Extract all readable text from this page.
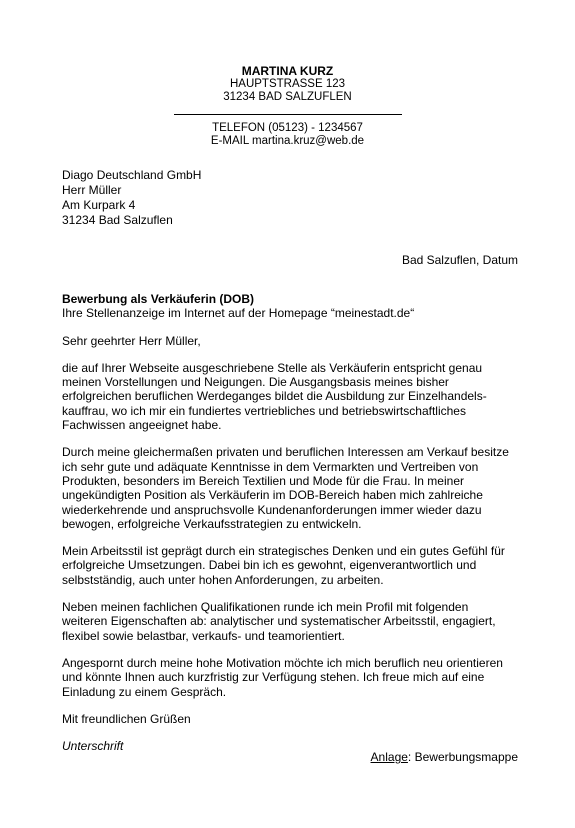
MARTINA KURZ
HAUPTSTRASSE 123
31234 BAD SALZUFLEN
TELEFON (05123) - 1234567
E-MAIL martina.kruz@web.de
Diago Deutschland GmbH
Herr Müller
Am Kurpark 4
31234 Bad Salzuflen
Bad Salzuflen, Datum
Bewerbung als Verkäuferin (DOB)
Ihre Stellenanzeige im Internet auf der Homepage “meinestadt.de“
Sehr geehrter Herr Müller,
die auf Ihrer Webseite ausgeschriebene Stelle als Verkäuferin entspricht genau
meinen Vorstellungen und Neigungen. Die Ausgangsbasis meines bisher
erfolgreichen beruflichen Werdeganges bildet die Ausbildung zur Einzelhandels-
kauffrau, wo ich mir ein fundiertes vertriebliches und betriebswirtschaftliches
Fachwissen angeeignet habe.
Durch meine gleichermaßen privaten und beruflichen Interessen am Verkauf besitze
ich sehr gute und adäquate Kenntnisse in dem Vermarkten und Vertreiben von
Produkten, besonders im Bereich Textilien und Mode für die Frau. In meiner
ungekündigten Position als Verkäuferin im DOB-Bereich haben mich zahlreiche
wiederkehrende und anspruchsvolle Kundenanforderungen immer wieder dazu
bewogen, erfolgreiche Verkaufsstrategien zu entwickeln.
Mein Arbeitsstil ist geprägt durch ein strategisches Denken und ein gutes Gefühl für
erfolgreiche Umsetzungen. Dabei bin ich es gewohnt, eigenverantwortlich und
selbstständig, auch unter hohen Anforderungen, zu arbeiten.
Neben meinen fachlichen Qualifikationen runde ich mein Profil mit folgenden
weiteren Eigenschaften ab: analytischer und systematischer Arbeitsstil, engagiert,
flexibel sowie belastbar, verkaufs- und teamorientiert.
Angespornt durch meine hohe Motivation möchte ich mich beruflich neu orientieren
und könnte Ihnen auch kurzfristig zur Verfügung stehen. Ich freue mich auf eine
Einladung zu einem Gespräch.
Mit freundlichen Grüßen
Unterschrift
Anlage: Bewerbungsmappe
